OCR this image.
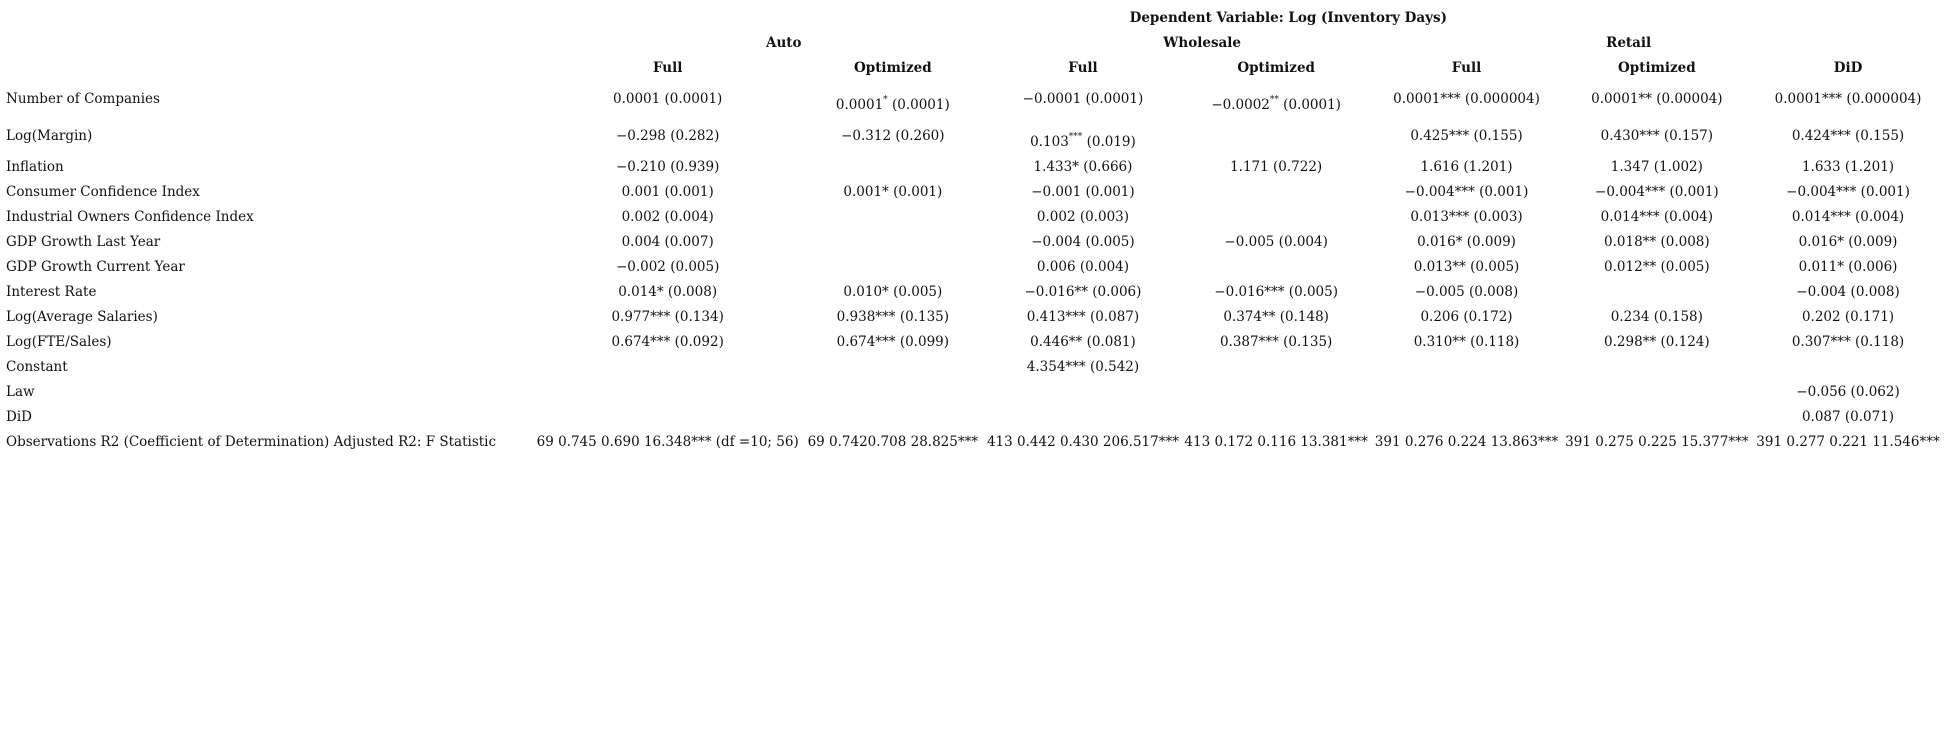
	Dependent Variable: Log (Inventory Days)						
	Auto		Wholesale		Retail		
	Full	Optimized	Full	Optimized	Full	Optimized	DiD
Number of Companies	0.0001 (0.0001)	0.0001* (0.0001)	−0.0001 (0.0001)	−0.0002** (0.0001)	0.0001*** (0.000004)	0.0001** (0.00004)	0.0001*** (0.000004)
Log(Margin)	−0.298 (0.282)	−0.312 (0.260)	0.103*** (0.019)		0.425*** (0.155)	0.430*** (0.157)	0.424*** (0.155)
Inflation	−0.210 (0.939)		1.433* (0.666)	1.171 (0.722)	1.616 (1.201)	1.347 (1.002)	1.633 (1.201)
Consumer Confidence Index	0.001 (0.001)	0.001* (0.001)	−0.001 (0.001)		−0.004*** (0.001)	−0.004*** (0.001)	−0.004*** (0.001)
Industrial Owners Confidence Index	0.002 (0.004)		0.002 (0.003)		0.013*** (0.003)	0.014*** (0.004)	0.014*** (0.004)
GDP Growth Last Year	0.004 (0.007)		−0.004 (0.005)	−0.005 (0.004)	0.016* (0.009)	0.018** (0.008)	0.016* (0.009)
GDP Growth Current Year	−0.002 (0.005)		0.006 (0.004)		0.013** (0.005)	0.012** (0.005)	0.011* (0.006)
Interest Rate	0.014* (0.008)	0.010* (0.005)	−0.016** (0.006)	−0.016*** (0.005)	−0.005 (0.008)		−0.004 (0.008)
Log(Average Salaries)	0.977*** (0.134)	0.938*** (0.135)	0.413*** (0.087)	0.374** (0.148)	0.206 (0.172)	0.234 (0.158)	0.202 (0.171)
Log(FTE/Sales)	0.674*** (0.092)	0.674*** (0.099)	0.446** (0.081)	0.387*** (0.135)	0.310** (0.118)	0.298** (0.124)	0.307*** (0.118)
Constant			4.354*** (0.542)				
Law							−0.056 (0.062)
DiD							0.087 (0.071)
Observations R2 (Coefficient of Determination) Adjusted R2: F Statistic	69 0.745 0.690 16.348*** (df =10; 56)	69 0.7420.708 28.825***	413 0.442 0.430 206.517***	413 0.172 0.116 13.381***	391 0.276 0.224 13.863***	391 0.275 0.225 15.377***	391 0.277 0.221 11.546***
